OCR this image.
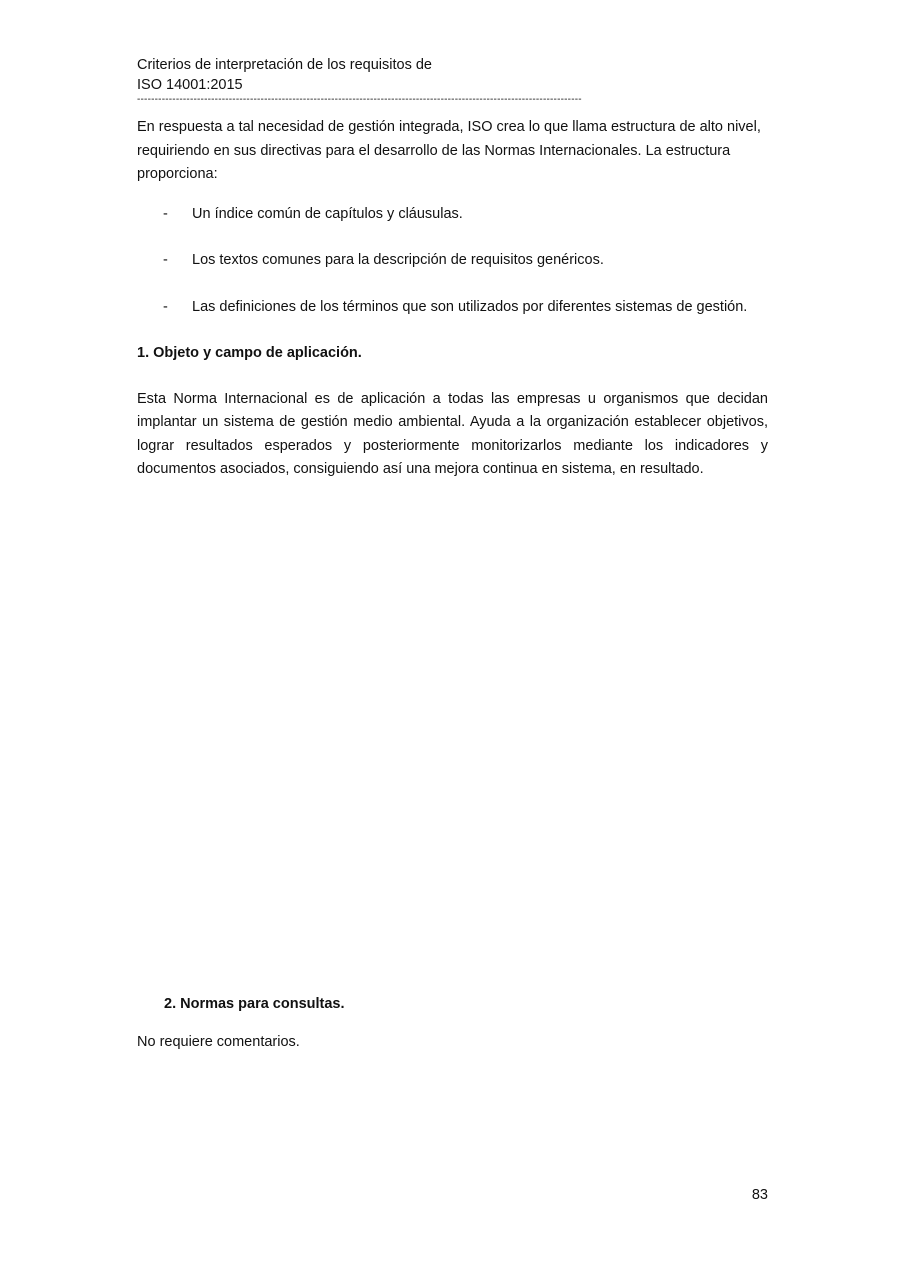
Criterios de interpretación de los requisitos de
ISO 14001:2015
------------------------------------------------------------------------------------------------------------------------------

En respuesta a tal necesidad de gestión integrada, ISO crea lo que llama estructura de alto nivel, requiriendo en sus directivas para el desarrollo de las Normas Internacionales. La estructura proporciona:

- Un índice común de capítulos y cláusulas.
- Los textos comunes para la descripción de requisitos genéricos.
- Las definiciones de los términos que son utilizados por diferentes sistemas de gestión.

1. Objeto y campo de aplicación.

Esta Norma Internacional es de aplicación a todas las empresas u organismos que decidan implantar un sistema de gestión medio ambiental. Ayuda a la organización establecer objetivos, lograr resultados esperados y posteriormente monitorizarlos mediante los indicadores y documentos asociados, consiguiendo así una mejora continua en sistema, en resultado.

2. Normas para consultas.
No requiere comentarios.
83
